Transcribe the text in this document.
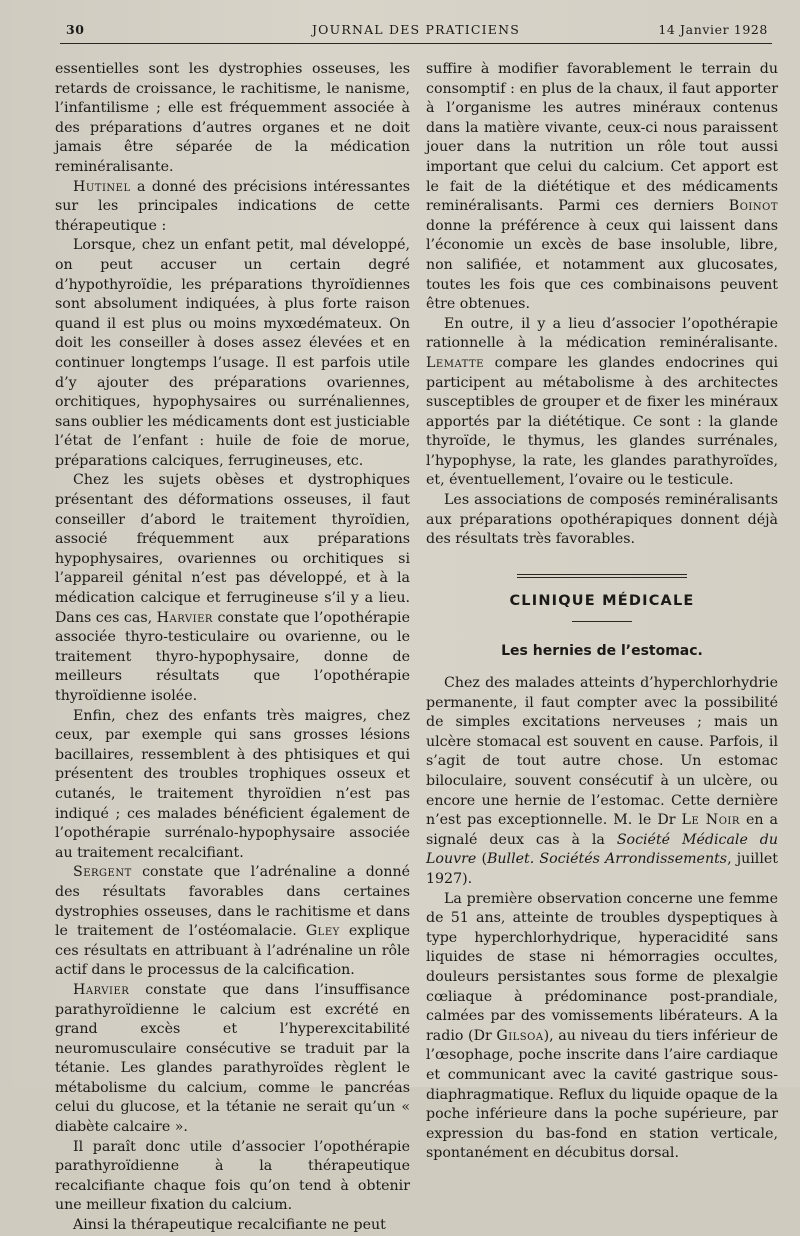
30	JOURNAL DES PRATICIENS	14 Janvier 1928

essentielles sont les dystrophies osseuses, les retards de croissance, le rachitisme, le nanisme, l’infantilisme ; elle est fréquemment associée à des préparations d’autres organes et ne doit jamais être séparée de la médication reminéralisante.

Hutinel a donné des précisions intéressantes sur les principales indications de cette thérapeutique :

Lorsque, chez un enfant petit, mal développé, on peut accuser un certain degré d’hypothyroïdie, les préparations thyroïdiennes sont absolument indiquées, à plus forte raison quand il est plus ou moins myxœdémateux. On doit les conseiller à doses assez élevées et en continuer longtemps l’usage. Il est parfois utile d’y ajouter des préparations ovariennes, orchitiques, hypophysaires ou surrénaliennes, sans oublier les médicaments dont est justiciable l’état de l’enfant : huile de foie de morue, préparations calciques, ferrugineuses, etc.

Chez les sujets obèses et dystrophiques présentant des déformations osseuses, il faut conseiller d’abord le traitement thyroïdien, associé fréquemment aux préparations hypophysaires, ovariennes ou orchitiques si l’appareil génital n’est pas développé, et à la médication calcique et ferrugineuse s’il y a lieu. Dans ces cas, Harvier constate que l’opothérapie associée thyro-testiculaire ou ovarienne, ou le traitement thyro-hypophysaire, donne de meilleurs résultats que l’opothérapie thyroïdienne isolée.

Enfin, chez des enfants très maigres, chez ceux, par exemple qui sans grosses lésions bacillaires, ressemblent à des phtisiques et qui présentent des troubles trophiques osseux et cutanés, le traitement thyroïdien n’est pas indiqué ; ces malades bénéficient également de l’opothérapie surrénalo-hypophysaire associée au traitement recalcifiant.

Sergent constate que l’adrénaline a donné des résultats favorables dans certaines dystrophies osseuses, dans le rachitisme et dans le traitement de l’ostéomalacie. Gley explique ces résultats en attribuant à l’adrénaline un rôle actif dans le processus de la calcification.

Harvier constate que dans l’insuffisance parathyroïdienne le calcium est excrété en grand excès et l’hyperexcitabilité neuromusculaire consécutive se traduit par la tétanie. Les glandes parathyroïdes règlent le métabolisme du calcium, comme le pancréas celui du glucose, et la tétanie ne serait qu’un « diabète calcaire ».

Il paraît donc utile d’associer l’opothérapie parathyroïdienne à la thérapeutique recalcifiante chaque fois qu’on tend à obtenir une meilleur fixation du calcium.

Ainsi la thérapeutique recalcifiante ne peut

suffire à modifier favorablement le terrain du consomptif : en plus de la chaux, il faut apporter à l’organisme les autres minéraux contenus dans la matière vivante, ceux-ci nous paraissent jouer dans la nutrition un rôle tout aussi important que celui du calcium. Cet apport est le fait de la diététique et des médicaments reminéralisants. Parmi ces derniers Boinot donne la préférence à ceux qui laissent dans l’économie un excès de base insoluble, libre, non salifiée, et notamment aux glucosates, toutes les fois que ces combinaisons peuvent être obtenues.

En outre, il y a lieu d’associer l’opothérapie rationnelle à la médication reminéralisante. Lematte compare les glandes endocrines qui participent au métabolisme à des architectes susceptibles de grouper et de fixer les minéraux apportés par la diététique. Ce sont : la glande thyroïde, le thymus, les glandes surrénales, l’hypophyse, la rate, les glandes parathyroïdes, et, éventuellement, l’ovaire ou le testicule.

Les associations de composés reminéralisants aux préparations opothérapiques donnent déjà des résultats très favorables.

CLINIQUE MÉDICALE
Les hernies de l’estomac.

Chez des malades atteints d’hyperchlorhydrie permanente, il faut compter avec la possibilité de simples excitations nerveuses ; mais un ulcère stomacal est souvent en cause. Parfois, il s’agit de tout autre chose. Un estomac biloculaire, souvent consécutif à un ulcère, ou encore une hernie de l’estomac. Cette dernière n’est pas exceptionnelle. M. le Dr Le Noir en a signalé deux cas à la Société Médicale du Louvre (Bullet. Sociétés Arrondissements, juillet 1927).

La première observation concerne une femme de 51 ans, atteinte de troubles dyspeptiques à type hyperchlorhydrique, hyperacidité sans liquides de stase ni hémorragies occultes, douleurs persistantes sous forme de plexalgie cœliaque à prédominance post-prandiale, calmées par des vomissements libérateurs. A la radio (Dr Gilsoa), au niveau du tiers inférieur de l’œsophage, poche inscrite dans l’aire cardiaque et communicant avec la cavité gastrique sous-diaphragmatique. Reflux du liquide opaque de la poche inférieure dans la poche supérieure, par expression du bas-fond en station verticale, spontanément en décubitus dorsal.
